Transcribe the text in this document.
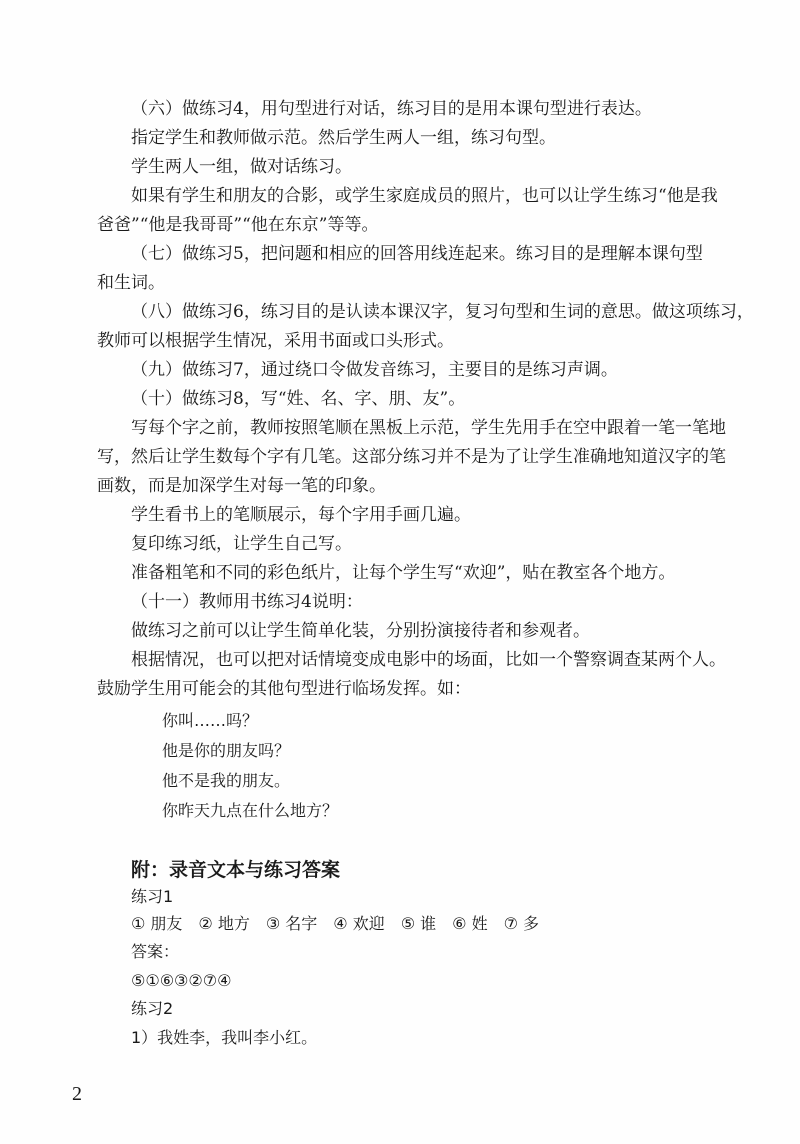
（六）做练习4，用句型进行对话，练习目的是用本课句型进行表达。
指定学生和教师做示范。然后学生两人一组，练习句型。
学生两人一组，做对话练习。
如果有学生和朋友的合影，或学生家庭成员的照片，也可以让学生练习“他是我
爸爸”“他是我哥哥”“他在东京”等等。
（七）做练习5，把问题和相应的回答用线连起来。练习目的是理解本课句型
和生词。
（八）做练习6，练习目的是认读本课汉字，复习句型和生词的意思。做这项练习，
教师可以根据学生情况，采用书面或口头形式。
（九）做练习7，通过绕口令做发音练习，主要目的是练习声调。
（十）做练习8，写“姓、名、字、朋、友”。
写每个字之前，教师按照笔顺在黑板上示范，学生先用手在空中跟着一笔一笔地
写，然后让学生数每个字有几笔。这部分练习并不是为了让学生准确地知道汉字的笔
画数，而是加深学生对每一笔的印象。
学生看书上的笔顺展示，每个字用手画几遍。
复印练习纸，让学生自己写。
准备粗笔和不同的彩色纸片，让每个学生写“欢迎”，贴在教室各个地方。
（十一）教师用书练习4说明：
做练习之前可以让学生简单化装，分别扮演接待者和参观者。
根据情况，也可以把对话情境变成电影中的场面，比如一个警察调查某两个人。
鼓励学生用可能会的其他句型进行临场发挥。如：
你叫……吗？
他是你的朋友吗？
他不是我的朋友。
你昨天九点在什么地方？
附：录音文本与练习答案
练习1
① 朋友　② 地方　③ 名字　④ 欢迎　⑤ 谁　⑥ 姓　⑦ 多
答案：
⑤①⑥③②⑦④
练习2
1）我姓李，我叫李小红。
2
